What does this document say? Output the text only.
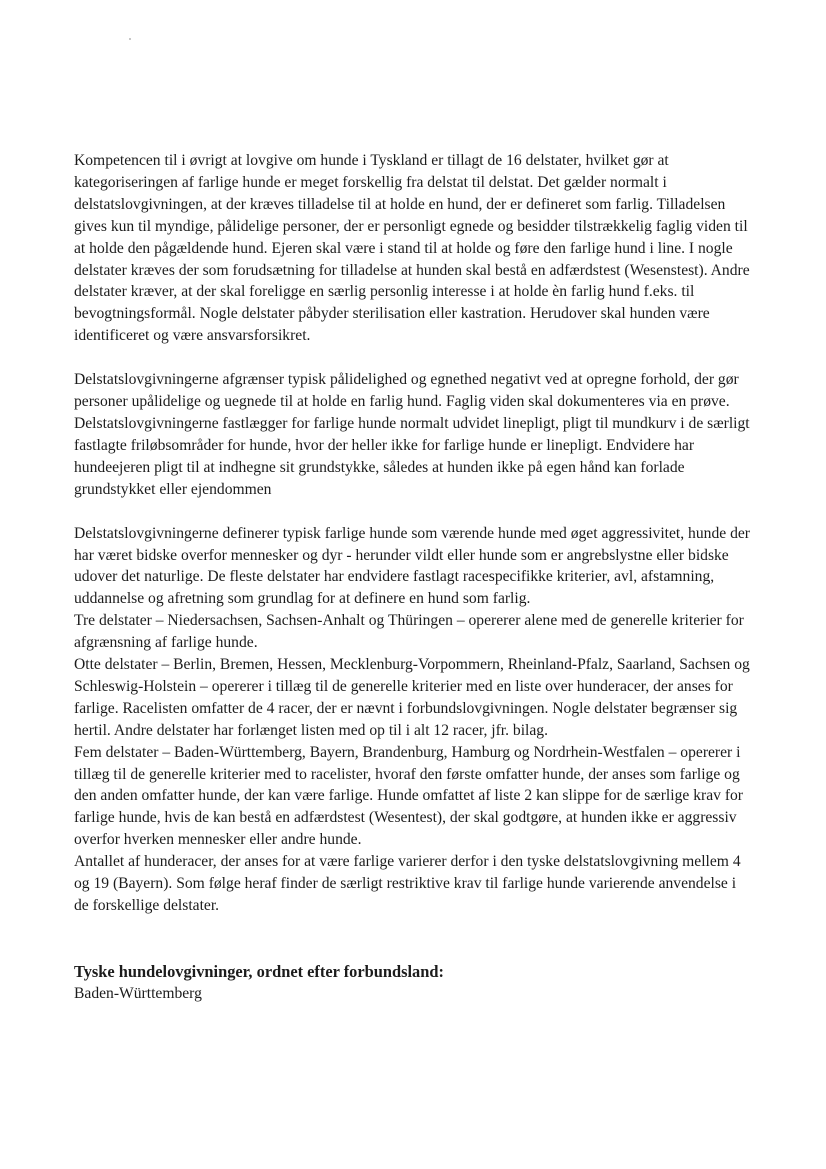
Kompetencen til i øvrigt at lovgive om hunde i Tyskland er tillagt de 16 delstater, hvilket gør at kategoriseringen af farlige hunde er meget forskellig fra delstat til delstat. Det gælder normalt i delstatslovgivningen, at der kræves tilladelse til at holde en hund, der er defineret som farlig. Tilladelsen gives kun til myndige, pålidelige personer, der er personligt egnede og besidder tilstrækkelig faglig viden til at holde den pågældende hund. Ejeren skal være i stand til at holde og føre den farlige hund i line. I nogle delstater kræves der som forudsætning for tilladelse at hunden skal bestå en adfærdstest (Wesenstest). Andre delstater kræver, at der skal foreligge en særlig personlig interesse i at holde èn farlig hund f.eks. til bevogtningsformål. Nogle delstater påbyder sterilisation eller kastration. Herudover skal hunden være identificeret og være ansvarsforsikret.

Delstatslovgivningerne afgrænser typisk pålidelighed og egnethed negativt ved at opregne forhold, der gør personer upålidelige og uegnede til at holde en farlig hund. Faglig viden skal dokumenteres via en prøve.

Delstatslovgivningerne fastlægger for farlige hunde normalt udvidet linepligt, pligt til mundkurv i de særligt fastlagte friløbsområder for hunde, hvor der heller ikke for farlige hunde er linepligt. Endvidere har hundeejeren pligt til at indhegne sit grundstykke, således at hunden ikke på egen hånd kan forlade grundstykket eller ejendommen

Delstatslovgivningerne definerer typisk farlige hunde som værende hunde med øget aggressivitet, hunde der har været bidske overfor mennesker og dyr - herunder vildt eller hunde som er angrebslystne eller bidske udover det naturlige. De fleste delstater har endvidere fastlagt racespecifikke kriterier, avl, afstamning, uddannelse og afretning som grundlag for at definere en hund som farlig.

Tre delstater – Niedersachsen, Sachsen-Anhalt og Thüringen – opererer alene med de generelle kriterier for afgrænsning af farlige hunde.

Otte delstater – Berlin, Bremen, Hessen, Mecklenburg-Vorpommern, Rheinland-Pfalz, Saarland, Sachsen og Schleswig-Holstein – opererer i tillæg til de generelle kriterier med en liste over hunderacer, der anses for farlige. Racelisten omfatter de 4 racer, der er nævnt i forbundslovgivningen. Nogle delstater begrænser sig hertil. Andre delstater har forlænget listen med op til i alt 12 racer, jfr. bilag.

Fem delstater – Baden-Württemberg, Bayern, Brandenburg, Hamburg og Nordrhein-Westfalen – opererer i tillæg til de generelle kriterier med to racelister, hvoraf den første omfatter hunde, der anses som farlige og den anden omfatter hunde, der kan være farlige. Hunde omfattet af liste 2 kan slippe for de særlige krav for farlige hunde, hvis de kan bestå en adfærdstest (Wesentest), der skal godtgøre, at hunden ikke er aggressiv overfor hverken mennesker eller andre hunde.

Antallet af hunderacer, der anses for at være farlige varierer derfor i den tyske delstatslovgivning mellem 4 og 19 (Bayern). Som følge heraf finder de særligt restriktive krav til farlige hunde varierende anvendelse i de forskellige delstater.

Tyske hundelovgivninger, ordnet efter forbundsland:

Baden-Württemberg
